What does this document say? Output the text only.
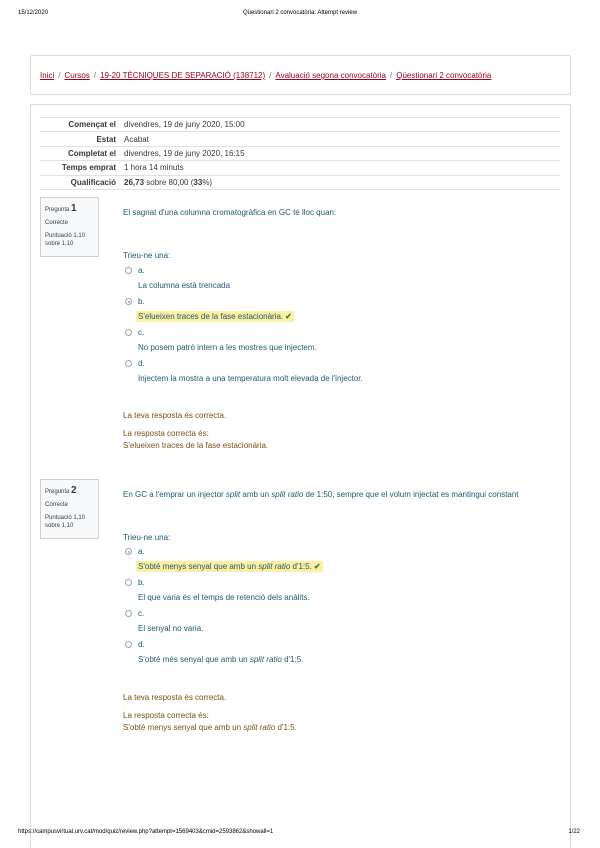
15/12/2020	Qüestionari 2 convocatòria: Attempt review
Inici / Cursos / 19-20 TÈCNIQUES DE SEPARACIÓ (138712) / Avaluació segona convocatòria / Qüestionari 2 convocatòria
Començat el	divendres, 19 de juny 2020, 15:00
Estat	Acabat
Completat el	divendres, 19 de juny 2020, 16:15
Temps emprat	1 hora 14 minuts
Qualificació	26,73 sobre 80,00 (33%)
Pregunta 1
Correcte
Puntuació 1,10 sobre 1,10
El sagnat d'una columna cromatogràfica en GC té lloc quan:
Trieu-ne una:
a.
La columna està trencada
b.
S'elueixen traces de la fase estacionària. ✔
c.
No posem patró intern a les mostres que injectem.
d.
Injectem la mostra a una temperatura molt elevada de l'injector.
La teva resposta és correcta.
La resposta correcta és:
S'elueixen traces de la fase estacionària.
Pregunta 2
Correcte
Puntuació 1,10 sobre 1,10
En GC a l'emprar un injector split amb un split ratio de 1:50, sempre que el volum injectat es mantingui constant
Trieu-ne una:
a.
S'obté menys senyal que amb un split ratio d'1:5. ✔
b.
El que varia és el temps de retenció dels anàlits.
c.
El senyal no varia.
d.
S'obté més senyal que amb un split ratio d'1:5.
La teva resposta és correcta.
La resposta correcta és:
S'obté menys senyal que amb un split ratio d'1:5.
https://campusvirtual.urv.cat/mod/quiz/review.php?attempt=1569403&cmid=2593862&showall=1	1/22
